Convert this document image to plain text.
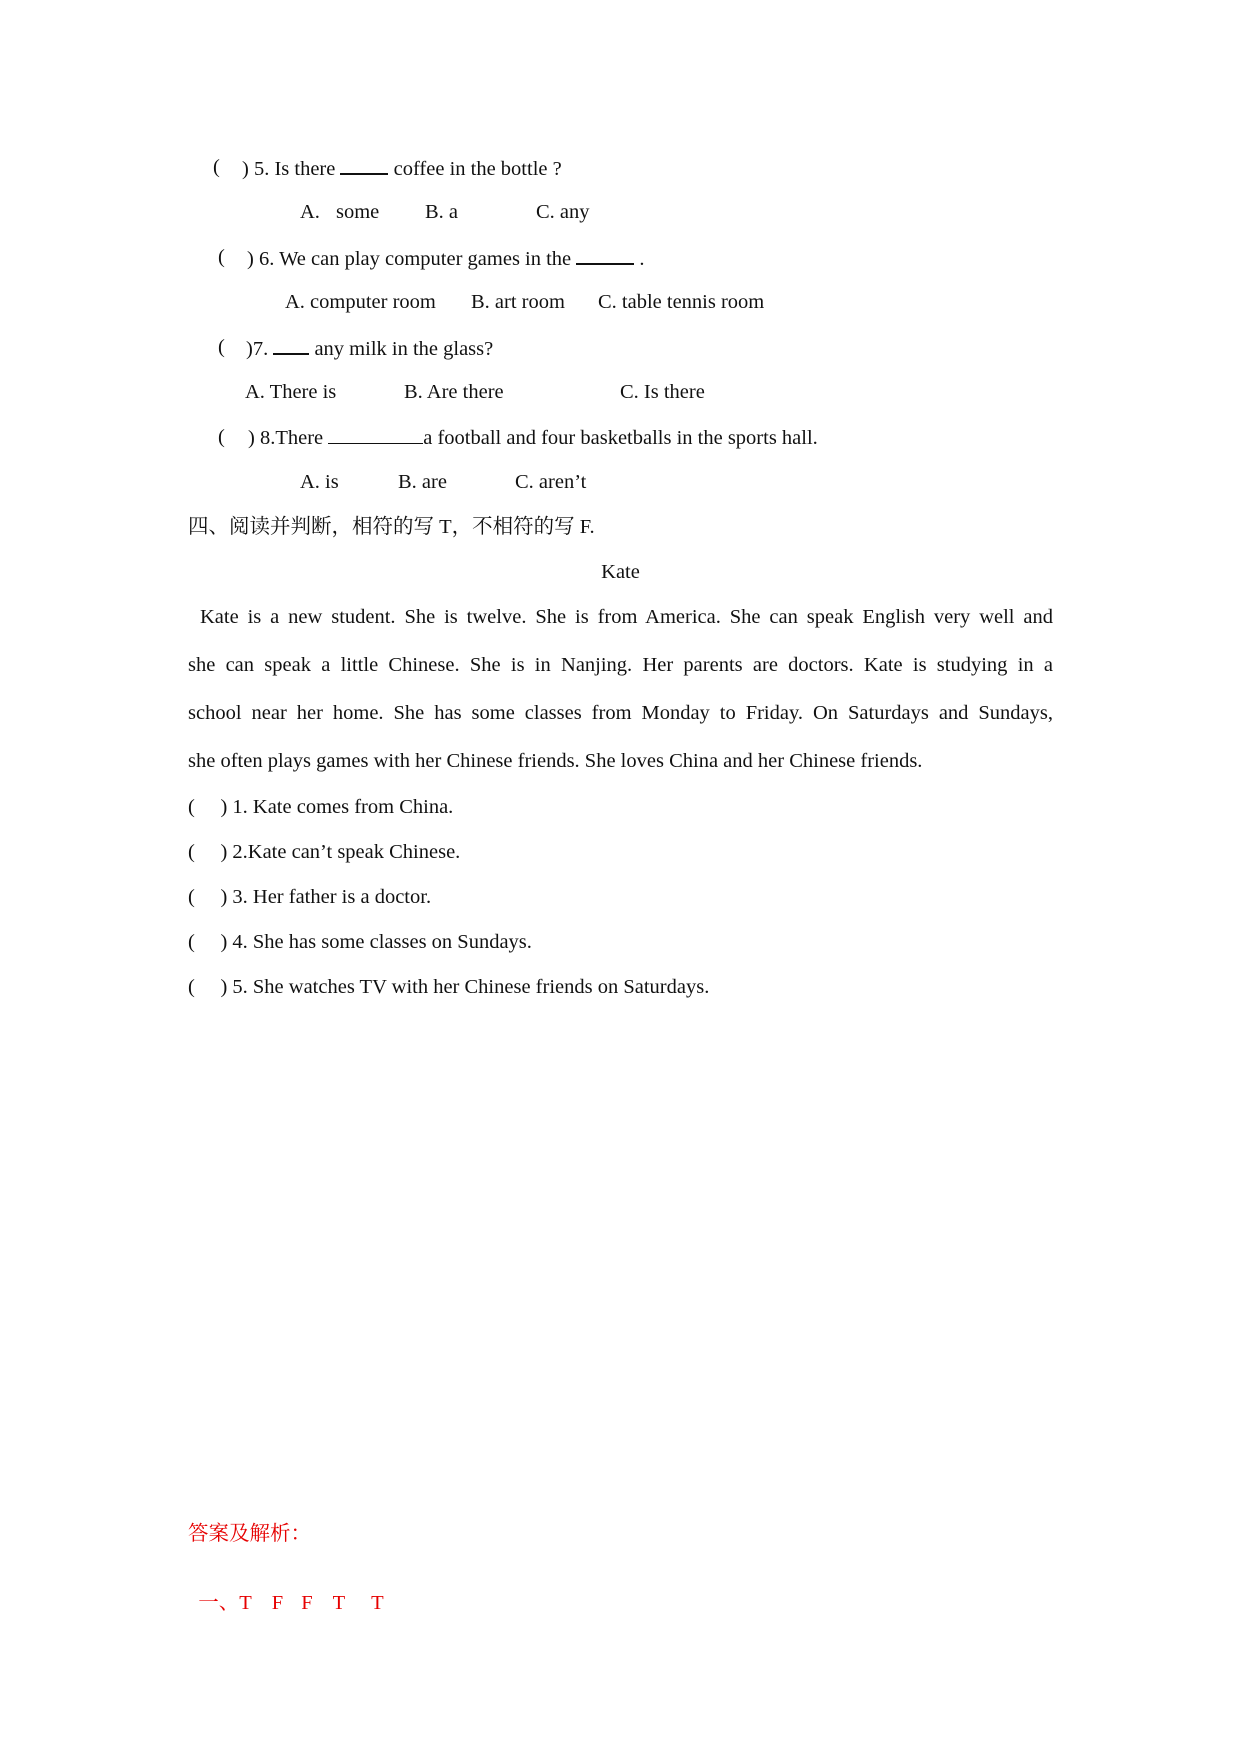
( ) 5. Is there	coffee in the bottle ?
A. some B. a	C. any
( ) 6. We can play computer games in the	.
A. computer room B. art room C. table tennis room
( )7. any milk in the glass?
A. There is	B. Are there	C. Is there
( ) 8.There	a football and four basketballs in the sports hall.
A. is	B. are	C. aren’t
四、阅读并判断，相符的写 T，不相符的写 F.
Kate
Kate is a new student. She is twelve. She is from America. She can speak English very well and
she can speak a little Chinese. She is in Nanjing. Her parents are doctors. Kate is studying in a
school near her home. She has some classes from Monday to Friday. On Saturdays and Sundays,
she often plays games with her Chinese friends. She loves China and her Chinese friends.
(     ) 1. Kate comes from China.
(     ) 2.Kate can’t speak Chinese.
(     ) 3. Her father is a doctor.
(     ) 4. She has some classes on Sundays.
(     ) 5. She watches TV with her Chinese friends on Saturdays.
答案及解析：

一、T F F T T
